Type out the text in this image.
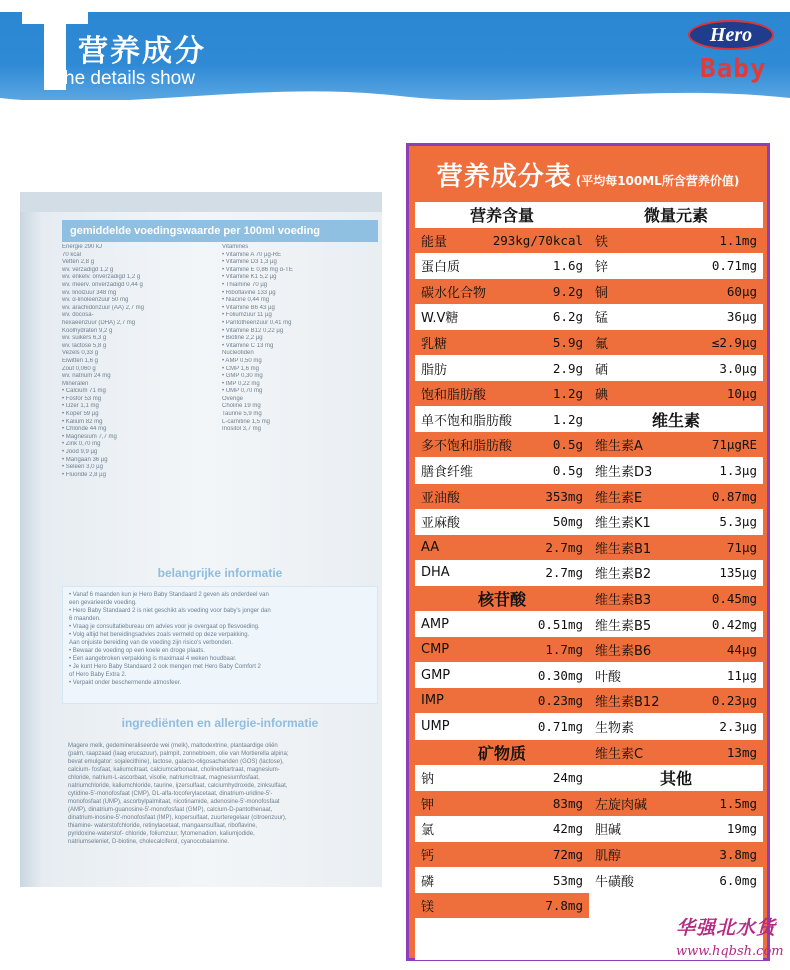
营养成分
he details show
Hero
Baby
gemiddelde voedingswaarde per 100ml voeding
Energie 290 kJ
70 kcal
Vetten 2,8 g
wv. verzadigd 1,2 g
wv. enkelv. onverzadigd 1,2 g
wv. meerv. onverzadigd 0,44 g
wv. linolzuur 348 mg
wv. α-linoleenzuur 50 mg
wv. arachidonzuur (AA) 2,7 mg
wv. docosa-
hexaeenzuur (DHA) 2,7 mg
Koolhydraten 9,2 g
wv. suikers 6,3 g
wv. lactose 5,8 g
Vezels 0,33 g
Eiwitten 1,6 g
Zout 0,060 g
wv. natrium 24 mg
Mineralen
• Calcium 71 mg
• Fosfor 53 mg
• IJzer 1,1 mg
• Koper 59 µg
• Kalium 82 mg
• Chloride 44 mg
• Magnesium 7,7 mg
• Zink 0,70 mg
• Jood 9,9 µg
• Mangaan 36 µg
• Seleen 3,0 µg
• Fluoride 2,8 µg
Vitamines
• Vitamine A 70 µg-RE
• Vitamine D3 1,3 µg
• Vitamine E 0,86 mg α-TE
• Vitamine K1 5,2 µg
• Thiamine 70 µg
• Riboflavine 133 µg
• Niacine 0,44 mg
• Vitamine B6 43 µg
• Foliumzuur 11 µg
• Pantotheenzuur 0,41 mg
• Vitamine B12 0,22 µg
• Biotine 2,2 µg
• Vitamine C 13 mg
Nucleotiden
• AMP 0,50 mg
• CMP 1,6 mg
• GMP 0,30 mg
• IMP 0,22 mg
• UMP 0,70 mg
Overige
Choline 19 mg
Taurine 5,9 mg
L-carnitine 1,5 mg
Inositol 3,7 mg
belangrijke informatie
• Vanaf 6 maanden kun je Hero Baby Standaard 2 geven als onderdeel van
een gevarieerde voeding.
• Hero Baby Standaard 2 is niet geschikt als voeding voor baby's jonger dan
6 maanden.
• Vraag je consultatiebureau om advies voor je overgaat op flesvoeding.
• Volg altijd het bereidingsadvies zoals vermeld op deze verpakking.
Aan onjuiste bereiding van de voeding zijn risico's verbonden.
• Bewaar de voeding op een koele en droge plaats.
• Een aangebroken verpakking is maximaal 4 weken houdbaar.
• Je kunt Hero Baby Standaard 2 ook mengen met Hero Baby Comfort 2
of Hero Baby Extra 2.
• Verpakt onder beschermende atmosfeer.
ingrediënten en allergie-informatie
Magere melk, gedemineraliseerde wei (melk), maltodextrine, plantaardige oliën
(palm, raapzaad (laag erucazuur), palmpit, zonnebloem, olie van Mortierella alpina;
bevat emulgator: sojalecithine), lactose, galacto-oligosachariden (GOS) (lactose),
calcium- fosfaat, kaliumcitraat, calciumcarbonaat, cholinebitartraat, magnesium-
chloride, natrium-L-ascorbaat, visolie, natriumcitraat, magnesiumfosfaat,
natriumchloride, kaliumchloride, taurine, ijzersulfaat, calciumhydroxide, zinksulfaat,
cytidine-5'-monofosfaat (CMP), DL-alfa-tocoferylacetaat, dinatrium-uridine-5'-
monofosfaat (UMP), ascorbylpalmitaat, nicotinamide, adenosine-5'-monofosfaat
(AMP), dinatrium-guanosine-5'-monofosfaat (GMP), calcium-D-pantothenaat,
dinatrium-inosine-5'-monofosfaat (IMP), kopersulfaat, zuurteregelaar (citroenzuur),
thiamine- waterstofchloride, retinylacetaat, mangaansulfaat, riboflavine,
pyridoxine-waterstof- chloride, foliumzuur, fytomenadion, kaliumjodide,
natriumseleniet, D-biotine, cholecalciferol, cyanocobalamine.
营养成分表 (平均每100ML所含营养价值)
营养含量
能量	293kg/70kcal
蛋白质	1.6g
碳水化合物	9.2g
W.V糖	6.2g
乳糖	5.9g
脂肪	2.9g
饱和脂肪酸	1.2g
单不饱和脂肪酸	1.2g
多不饱和脂肪酸	0.5g
膳食纤维	0.5g
亚油酸	353mg
亚麻酸	50mg
AA	2.7mg
DHA	2.7mg
核苷酸
AMP	0.51mg
CMP	1.7mg
GMP	0.30mg
IMP	0.23mg
UMP	0.71mg
矿物质
钠	24mg
钾	83mg
氯	42mg
钙	72mg
磷	53mg
镁	7.8mg
微量元素
铁	1.1mg
锌	0.71mg
铜	60μg
锰	36μg
氟	≤2.9μg
硒	3.0μg
碘	10μg
维生素
维生素A	71μgRE
维生素D3	1.3μg
维生素E	0.87mg
维生素K1	5.3μg
维生素B1	71μg
维生素B2	135μg
维生素B3	0.45mg
维生素B5	0.42mg
维生素B6	44μg
叶酸	11μg
维生素B12	0.23μg
生物素	2.3μg
维生素C	13mg
其他
左旋肉碱	1.5mg
胆碱	19mg
肌醇	3.8mg
牛磺酸	6.0mg
华强北水货
www.hqbsh.com
